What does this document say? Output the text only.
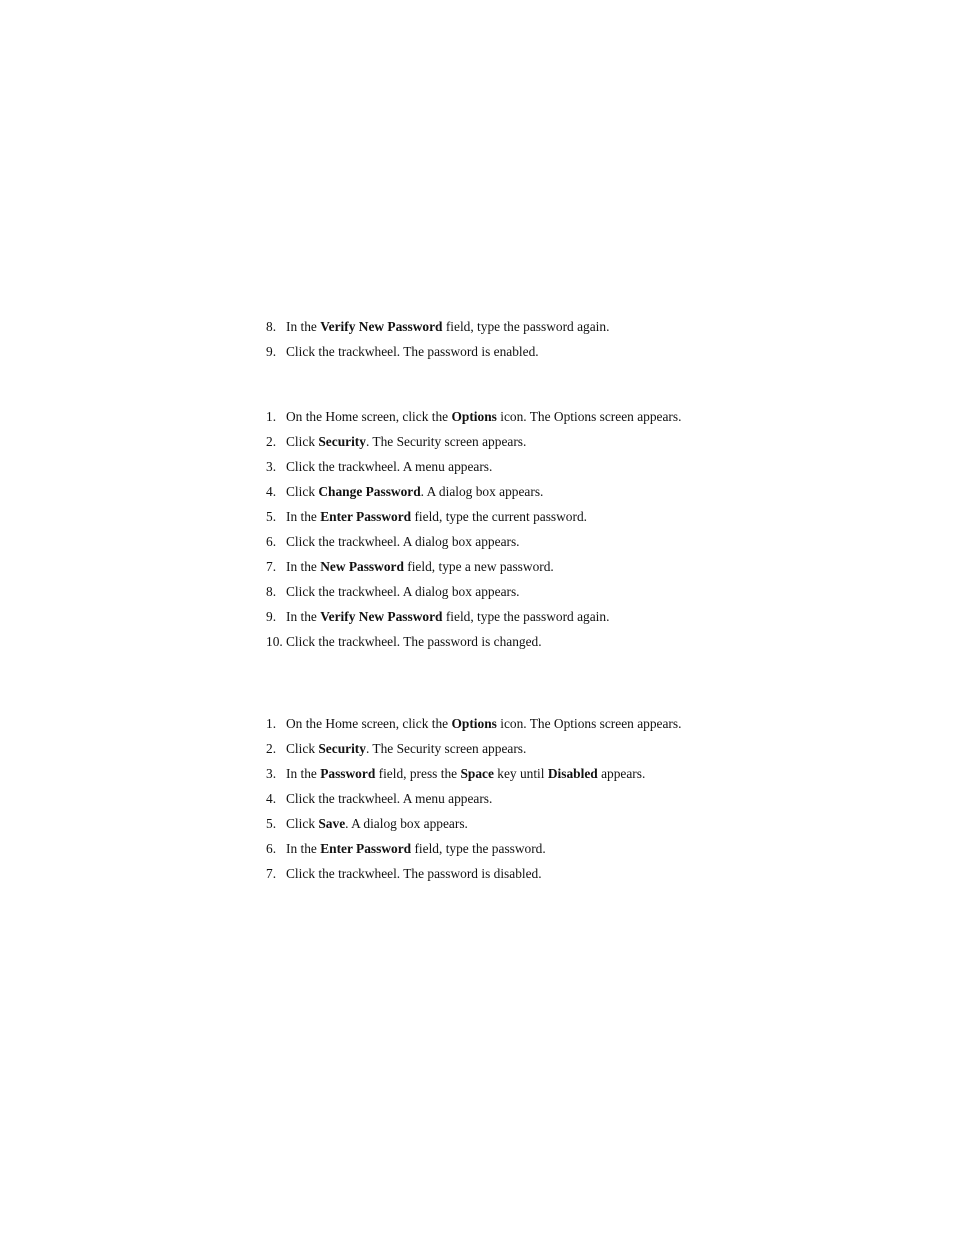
8. In the Verify New Password field, type the password again.
9. Click the trackwheel. The password is enabled.
1. On the Home screen, click the Options icon. The Options screen appears.
2. Click Security. The Security screen appears.
3. Click the trackwheel. A menu appears.
4. Click Change Password. A dialog box appears.
5. In the Enter Password field, type the current password.
6. Click the trackwheel. A dialog box appears.
7. In the New Password field, type a new password.
8. Click the trackwheel. A dialog box appears.
9. In the Verify New Password field, type the password again.
10. Click the trackwheel. The password is changed.
1. On the Home screen, click the Options icon. The Options screen appears.
2. Click Security. The Security screen appears.
3. In the Password field, press the Space key until Disabled appears.
4. Click the trackwheel. A menu appears.
5. Click Save. A dialog box appears.
6. In the Enter Password field, type the password.
7. Click the trackwheel. The password is disabled.
